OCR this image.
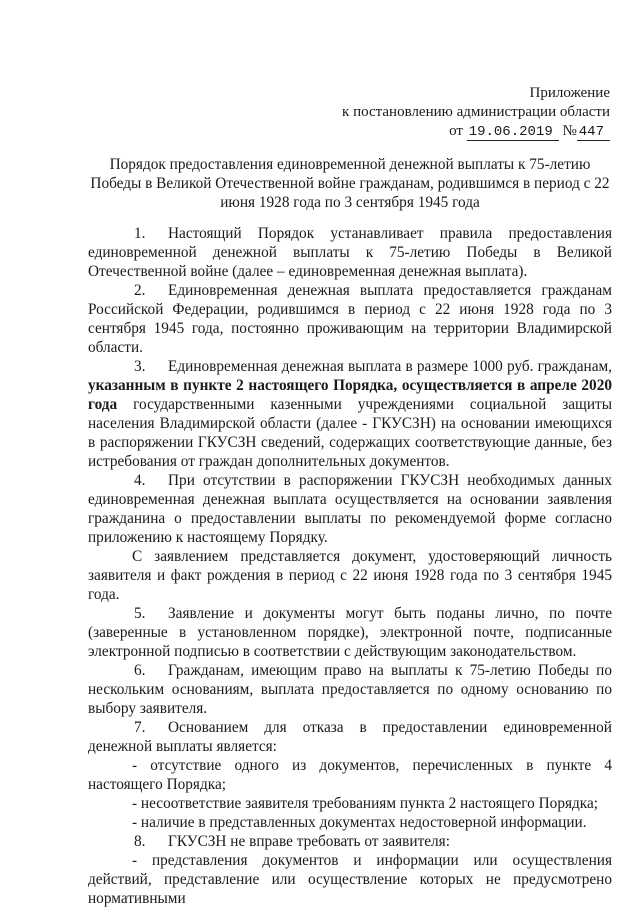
Приложение
к постановлению администрации области
от 19.06.2019 № 447
Порядок предоставления единовременной денежной выплаты к 75-летию Победы в Великой Отечественной войне гражданам, родившимся в период с 22 июня 1928 года по 3 сентября 1945 года

1. Настоящий Порядок устанавливает правила предоставления единовременной денежной выплаты к 75-летию Победы в Великой Отечественной войне (далее – единовременная денежная выплата).

2. Единовременная денежная выплата предоставляется гражданам Российской Федерации, родившимся в период с 22 июня 1928 года по 3 сентября 1945 года, постоянно проживающим на территории Владимирской области.

3. Единовременная денежная выплата в размере 1000 руб. гражданам, указанным в пункте 2 настоящего Порядка, осуществляется в апреле 2020 года государственными казенными учреждениями социальной защиты населения Владимирской области (далее - ГКУСЗН) на основании имеющихся в распоряжении ГКУСЗН сведений, содержащих соответствующие данные, без истребования от граждан дополнительных документов.

4. При отсутствии в распоряжении ГКУСЗН необходимых данных единовременная денежная выплата осуществляется на основании заявления гражданина о предоставлении выплаты по рекомендуемой форме согласно приложению к настоящему Порядку.

С заявлением представляется документ, удостоверяющий личность заявителя и факт рождения в период с 22 июня 1928 года по 3 сентября 1945 года.

5. Заявление и документы могут быть поданы лично, по почте (заверенные в установленном порядке), электронной почте, подписанные электронной подписью в соответствии с действующим законодательством.

6. Гражданам, имеющим право на выплаты к 75-летию Победы по нескольким основаниям, выплата предоставляется по одному основанию по выбору заявителя.

7. Основанием для отказа в предоставлении единовременной денежной выплаты является:

- отсутствие одного из документов, перечисленных в пункте 4 настоящего Порядка;

- несоответствие заявителя требованиям пункта 2 настоящего Порядка;

- наличие в представленных документах недостоверной информации.

8. ГКУСЗН не вправе требовать от заявителя:

- представления документов и информации или осуществления действий, представление или осуществление которых не предусмотрено нормативными
